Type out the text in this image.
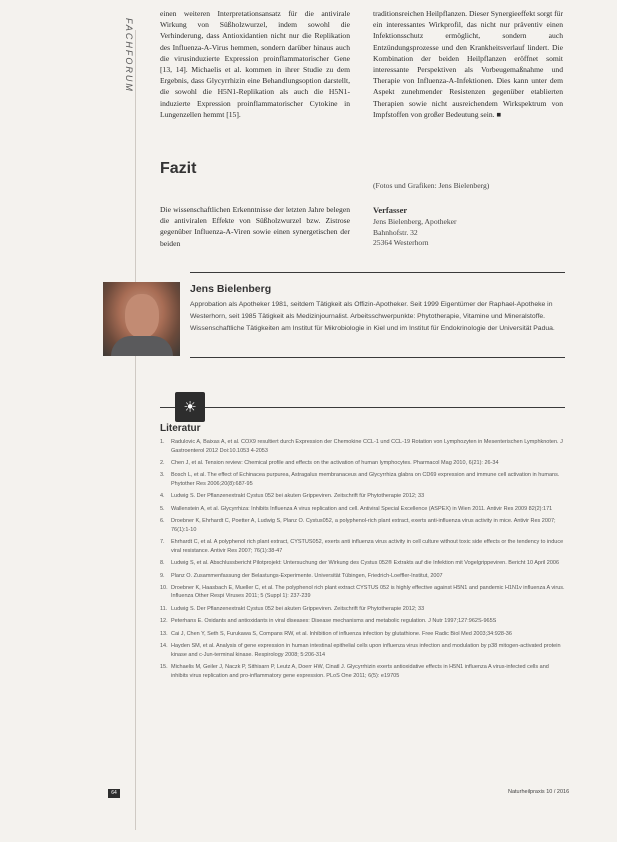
FACHFORUM

einen weiteren Interpretationsansatz für die antivirale Wirkung von Süßholzwurzel, indem sowohl die Verhinderung, dass Antioxidantien nicht nur die Replikation des Influenza-A-Virus hemmen, sondern darüber hinaus auch die virusinduzierte Expression proinflammatorischer Gene [13, 14]. Michaelis et al. kommen in ihrer Studie zu dem Ergebnis, dass Glycyrrhizin eine Behandlungsoption darstellt, die sowohl die H5N1-Replikation als auch die H5N1-induzierte Expression proinflammatorischer Cytokine in Lungenzellen hemmt [15].

traditionsreichen Heilpflanzen. Dieser Synergieeffekt sorgt für ein interessantes Wirkprofil, das nicht nur präventiv einen Infektionsschutz ermöglicht, sondern auch Entzündungsprozesse und den Krankheitsverlauf lindert. Die Kombination der beiden Heilpflanzen eröffnet somit interessante Perspektiven als Vorbeugemaßnahme und Therapie von Influenza-A-Infektionen. Dies kann unter dem Aspekt zunehmender Resistenzen gegenüber etablierten Therapien sowie nicht ausreichendem Wirkspektrum von Impfstoffen von großer Bedeutung sein. ■

Fazit

Die wissenschaftlichen Erkenntnisse der letzten Jahre belegen die antiviralen Effekte von Süßholzwurzel bzw. Zistrose gegenüber Influenza-A-Viren sowie einen synergetischen der beiden

(Fotos und Grafiken: Jens Bielenberg)
Verfasser
Jens Bielenberg, Apotheker
Bahnhofstr. 32
25364 Westerhorn
Jens Bielenberg
Approbation als Apotheker 1981, seitdem Tätigkeit als Offizin-Apotheker. Seit 1999 Eigentümer der Raphael-Apotheke in Westerhorn, seit 1985 Tätigkeit als Medizinjournalist. Arbeitsschwerpunkte: Phytotherapie, Vitamine und Mineralstoffe. Wissenschaftliche Tätigkeiten am Institut für Mikrobiologie in Kiel und im Institut für Endokrinologie der Universität Padua.
☀
Literatur
1. Radulovic A, Baixas A, et al. COX9 resultiert durch Expression der Chemokine CCL-1 und CCL-19 Rotation von Lymphozyten in Mesenterischen Lymphknoten. J Gastroenterol 2012 Doi:10.1053 4-2053
2. Chen J, et al. Tension review: Chemical profile and effects on the activation of human lymphocytes. Pharmacol Mag 2010, 6(21): 26-34
3. Bosch L, et al. The effect of Echinacea purpurea, Astragalus membranaceus and Glycyrrhiza glabra on CD69 expression and immune cell activation in humans. Phytother Res 2006;20(8):687-95
4. Ludwig S. Der Pflanzenextrakt Cystus 052 bei akuten Grippeviren. Zeitschrift für Phytotherapie 2012; 33
5. Wallenstein A, et al. Glycyrrhiza: Inhibits Influenza A virus replication and cell. Antiviral Special Excellence (ASPEX) in Wien 2011. Antivir Res 2009 82(2):171
6. Droebner K, Ehrhardt C, Poetter A, Ludwig S, Planz O. Cystus052, a polyphenol-rich plant extract, exerts anti-influenza virus activity in mice. Antivir Res 2007; 76(1):1-10
7. Ehrhardt C, et al. A polyphenol rich plant extract, CYSTUS052, exerts anti influenza virus activity in cell culture without toxic side effects or the tendency to induce viral resistance. Antivir Res 2007; 76(1):38-47
8. Ludwig S, et al. Abschlussbericht Pilotprojekt: Untersuchung der Wirkung des Cystus 052® Extrakts auf die Infektion mit Vogelgrippeviren. Bericht 10 April 2006
9. Planz O. Zusammenfassung der Belastungs-Experimente. Universität Tübingen, Friedrich-Loeffler-Institut, 2007
10. Droebner K, Haasbach E, Mueller C, et al. The polyphenol rich plant extract CYSTUS 052 is highly effective against H5N1 and pandemic H1N1v influenza A virus. Influenza Other Respi Viruses 2011; 5 (Suppl 1): 237-239
11. Ludwig S. Der Pflanzenextrakt Cystus 052 bei akuten Grippeviren. Zeitschrift für Phytotherapie 2012; 33
12. Peterhans E. Oxidants and antioxidants in viral diseases: Disease mechanisms and metabolic regulation. J Nutr 1997;127:962S-965S
13. Cai J, Chen Y, Seth S, Furukawa S, Compans RW, et al. Inhibition of influenza infection by glutathione. Free Radic Biol Med 2003;34:928-36
14. Hayden SM, et al. Analysis of gene expression in human intestinal epithelial cells upon influenza virus infection and modulation by p38 mitogen-activated protein kinase and c-Jun-terminal kinase. Respirology 2008; 5:206-314
15. Michaelis M, Geiler J, Naczk P, Sithisarn P, Leutz A, Doerr HW, Cinatl J. Glycyrrhizin exerts antioxidative effects in H5N1 influenza A virus-infected cells and inhibits virus replication and pro-inflammatory gene expression. PLoS One 2011; 6(5): e19705
64	Naturheilpraxis 10 / 2016
